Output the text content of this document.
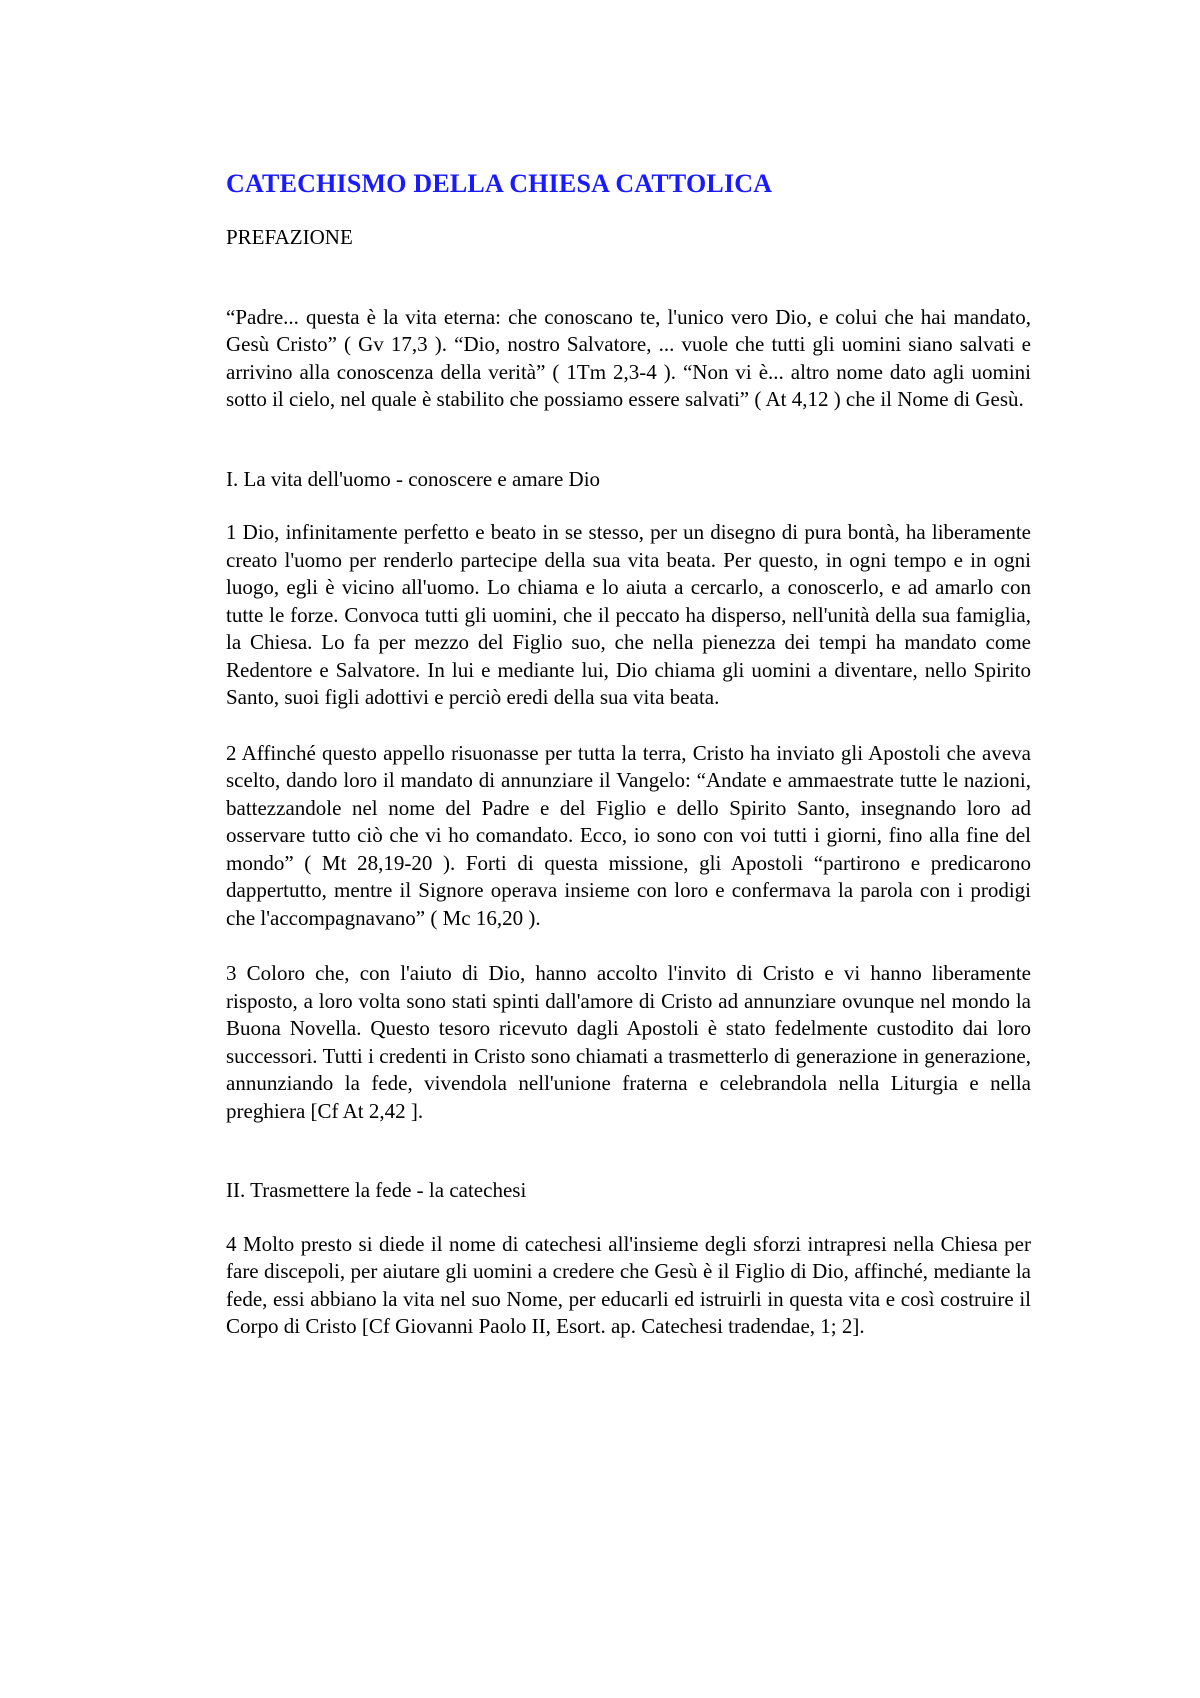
CATECHISMO DELLA CHIESA CATTOLICA
PREFAZIONE

“Padre... questa è la vita eterna: che conoscano te, l'unico vero Dio, e colui che hai mandato, Gesù Cristo” ( Gv 17,3 ). “Dio, nostro Salvatore, ... vuole che tutti gli uomini siano salvati e arrivino alla conoscenza della verità” ( 1Tm 2,3-4 ). “Non vi è... altro nome dato agli uomini sotto il cielo, nel quale è stabilito che possiamo essere salvati” ( At 4,12 ) che il Nome di Gesù.

I. La vita dell'uomo - conoscere e amare Dio

1 Dio, infinitamente perfetto e beato in se stesso, per un disegno di pura bontà, ha liberamente creato l'uomo per renderlo partecipe della sua vita beata. Per questo, in ogni tempo e in ogni luogo, egli è vicino all'uomo. Lo chiama e lo aiuta a cercarlo, a conoscerlo, e ad amarlo con tutte le forze. Convoca tutti gli uomini, che il peccato ha disperso, nell'unità della sua famiglia, la Chiesa. Lo fa per mezzo del Figlio suo, che nella pienezza dei tempi ha mandato come Redentore e Salvatore. In lui e mediante lui, Dio chiama gli uomini a diventare, nello Spirito Santo, suoi figli adottivi e perciò eredi della sua vita beata.

2 Affinché questo appello risuonasse per tutta la terra, Cristo ha inviato gli Apostoli che aveva scelto, dando loro il mandato di annunziare il Vangelo: “Andate e ammaestrate tutte le nazioni, battezzandole nel nome del Padre e del Figlio e dello Spirito Santo, insegnando loro ad osservare tutto ciò che vi ho comandato. Ecco, io sono con voi tutti i giorni, fino alla fine del mondo” ( Mt 28,19-20 ). Forti di questa missione, gli Apostoli “partirono e predicarono dappertutto, mentre il Signore operava insieme con loro e confermava la parola con i prodigi che l'accompagnavano” ( Mc 16,20 ).

3 Coloro che, con l'aiuto di Dio, hanno accolto l'invito di Cristo e vi hanno liberamente risposto, a loro volta sono stati spinti dall'amore di Cristo ad annunziare ovunque nel mondo la Buona Novella. Questo tesoro ricevuto dagli Apostoli è stato fedelmente custodito dai loro successori. Tutti i credenti in Cristo sono chiamati a trasmetterlo di generazione in generazione, annunziando la fede, vivendola nell'unione fraterna e celebrandola nella Liturgia e nella preghiera [Cf At 2,42 ].

II. Trasmettere la fede - la catechesi

4 Molto presto si diede il nome di catechesi all'insieme degli sforzi intrapresi nella Chiesa per fare discepoli, per aiutare gli uomini a credere che Gesù è il Figlio di Dio, affinché, mediante la fede, essi abbiano la vita nel suo Nome, per educarli ed istruirli in questa vita e così costruire il Corpo di Cristo [Cf Giovanni Paolo II, Esort. ap. Catechesi tradendae, 1; 2].
